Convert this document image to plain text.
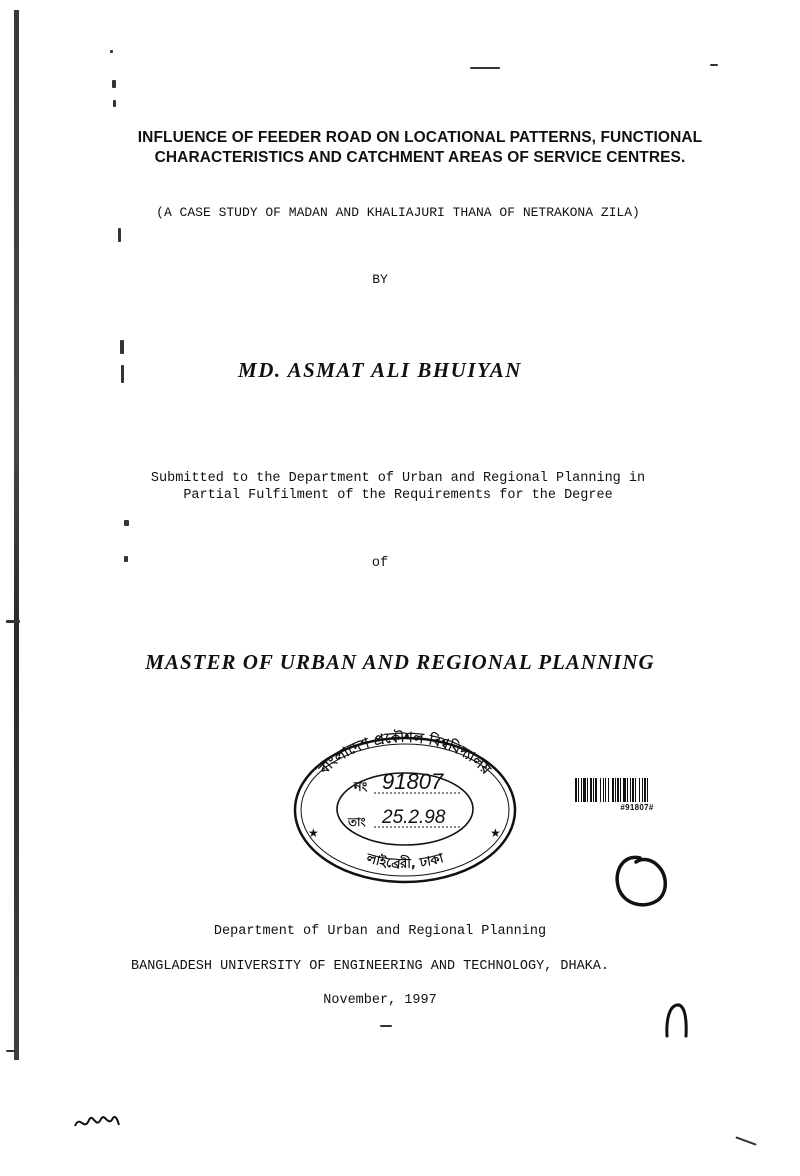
INFLUENCE OF FEEDER ROAD ON LOCATIONAL PATTERNS, FUNCTIONAL
CHARACTERISTICS AND CATCHMENT AREAS OF SERVICE CENTRES.
(A CASE STUDY OF MADAN AND KHALIAJURI THANA OF NETRAKONA ZILA)
BY
MD. ASMAT ALI BHUIYAN
Submitted to the Department of Urban and Regional Planning in
Partial Fulfilment of the Requirements for the Degree
of
MASTER OF URBAN AND REGIONAL PLANNING
বাংলাদেশ প্রকৌশল বিশ্ববিদ্যালয়
লাইব্রেরী, ঢাকা
★	★
নং 91807
তাং 25.2.98	#91807#
Department of Urban and Regional Planning
BANGLADESH UNIVERSITY OF ENGINEERING AND TECHNOLOGY, DHAKA.
November, 1997
